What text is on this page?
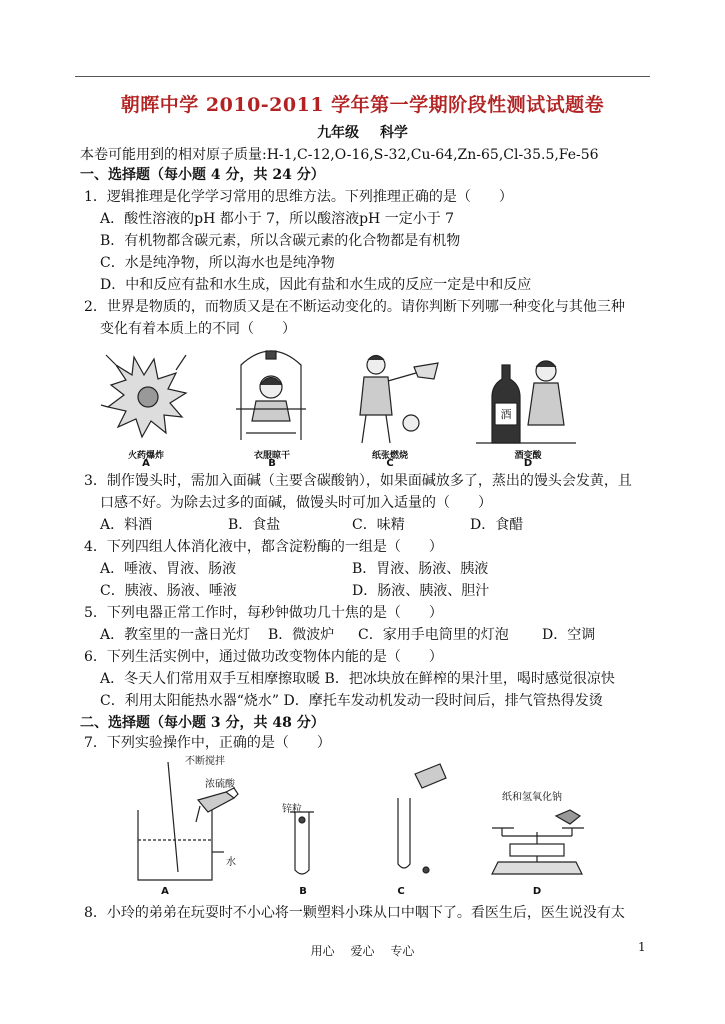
朝晖中学 2010-2011 学年第一学期阶段性测试试题卷
九年级 科学
本卷可能用到的相对原子质量:H-1,C-12,O-16,S-32,Cu-64,Zn-65,Cl-35.5,Fe-56
一、选择题（每小题 4 分，共 24 分）
1．逻辑推理是化学学习常用的思维方法。下列推理正确的是（　　）
A．酸性溶液的pH 都小于 7，所以酸溶液pH 一定小于 7
B．有机物都含碳元素，所以含碳元素的化合物都是有机物
C．水是纯净物，所以海水也是纯净物
D．中和反应有盐和水生成，因此有盐和水生成的反应一定是中和反应
2．世界是物质的，而物质又是在不断运动变化的。请你判断下列哪一种变化与其他三种
变化有着本质上的不同（　　）
酒
火药爆炸	衣服晾干	纸张燃烧	酒变酸
A	B	C	D
3．制作馒头时，需加入面碱（主要含碳酸钠），如果面碱放多了，蒸出的馒头会发黄，且
口感不好。为除去过多的面碱，做馒头时可加入适量的（　　）
A．料酒	B．食盐	C．味精	D．食醋
4．下列四组人体消化液中，都含淀粉酶的一组是（　　）
A．唾液、胃液、肠液	B．胃液、肠液、胰液
C．胰液、肠液、唾液	D．肠液、胰液、胆汁
5．下列电器正常工作时，每秒钟做功几十焦的是（　　）
A．教室里的一盏日光灯 B．微波炉 C．家用手电筒里的灯泡 D．空调
6．下列生活实例中，通过做功改变物体内能的是（　　）
A．冬天人们常用双手互相摩擦取暖 B．把冰块放在鲜榨的果汁里，喝时感觉很凉快
C．利用太阳能热水器“烧水” D．摩托车发动机发动一段时间后，排气管热得发烫
二、选择题（每小题 3 分，共 48 分）
7．下列实验操作中，正确的是（　　）
不断搅拌
浓硫酸
水
锌粒
纸和氢氧化钠
A	B	C	D
8．小玲的弟弟在玩耍时不小心将一颗塑料小珠从口中咽下了。看医生后，医生说没有太
用心 爱心 专心	1
